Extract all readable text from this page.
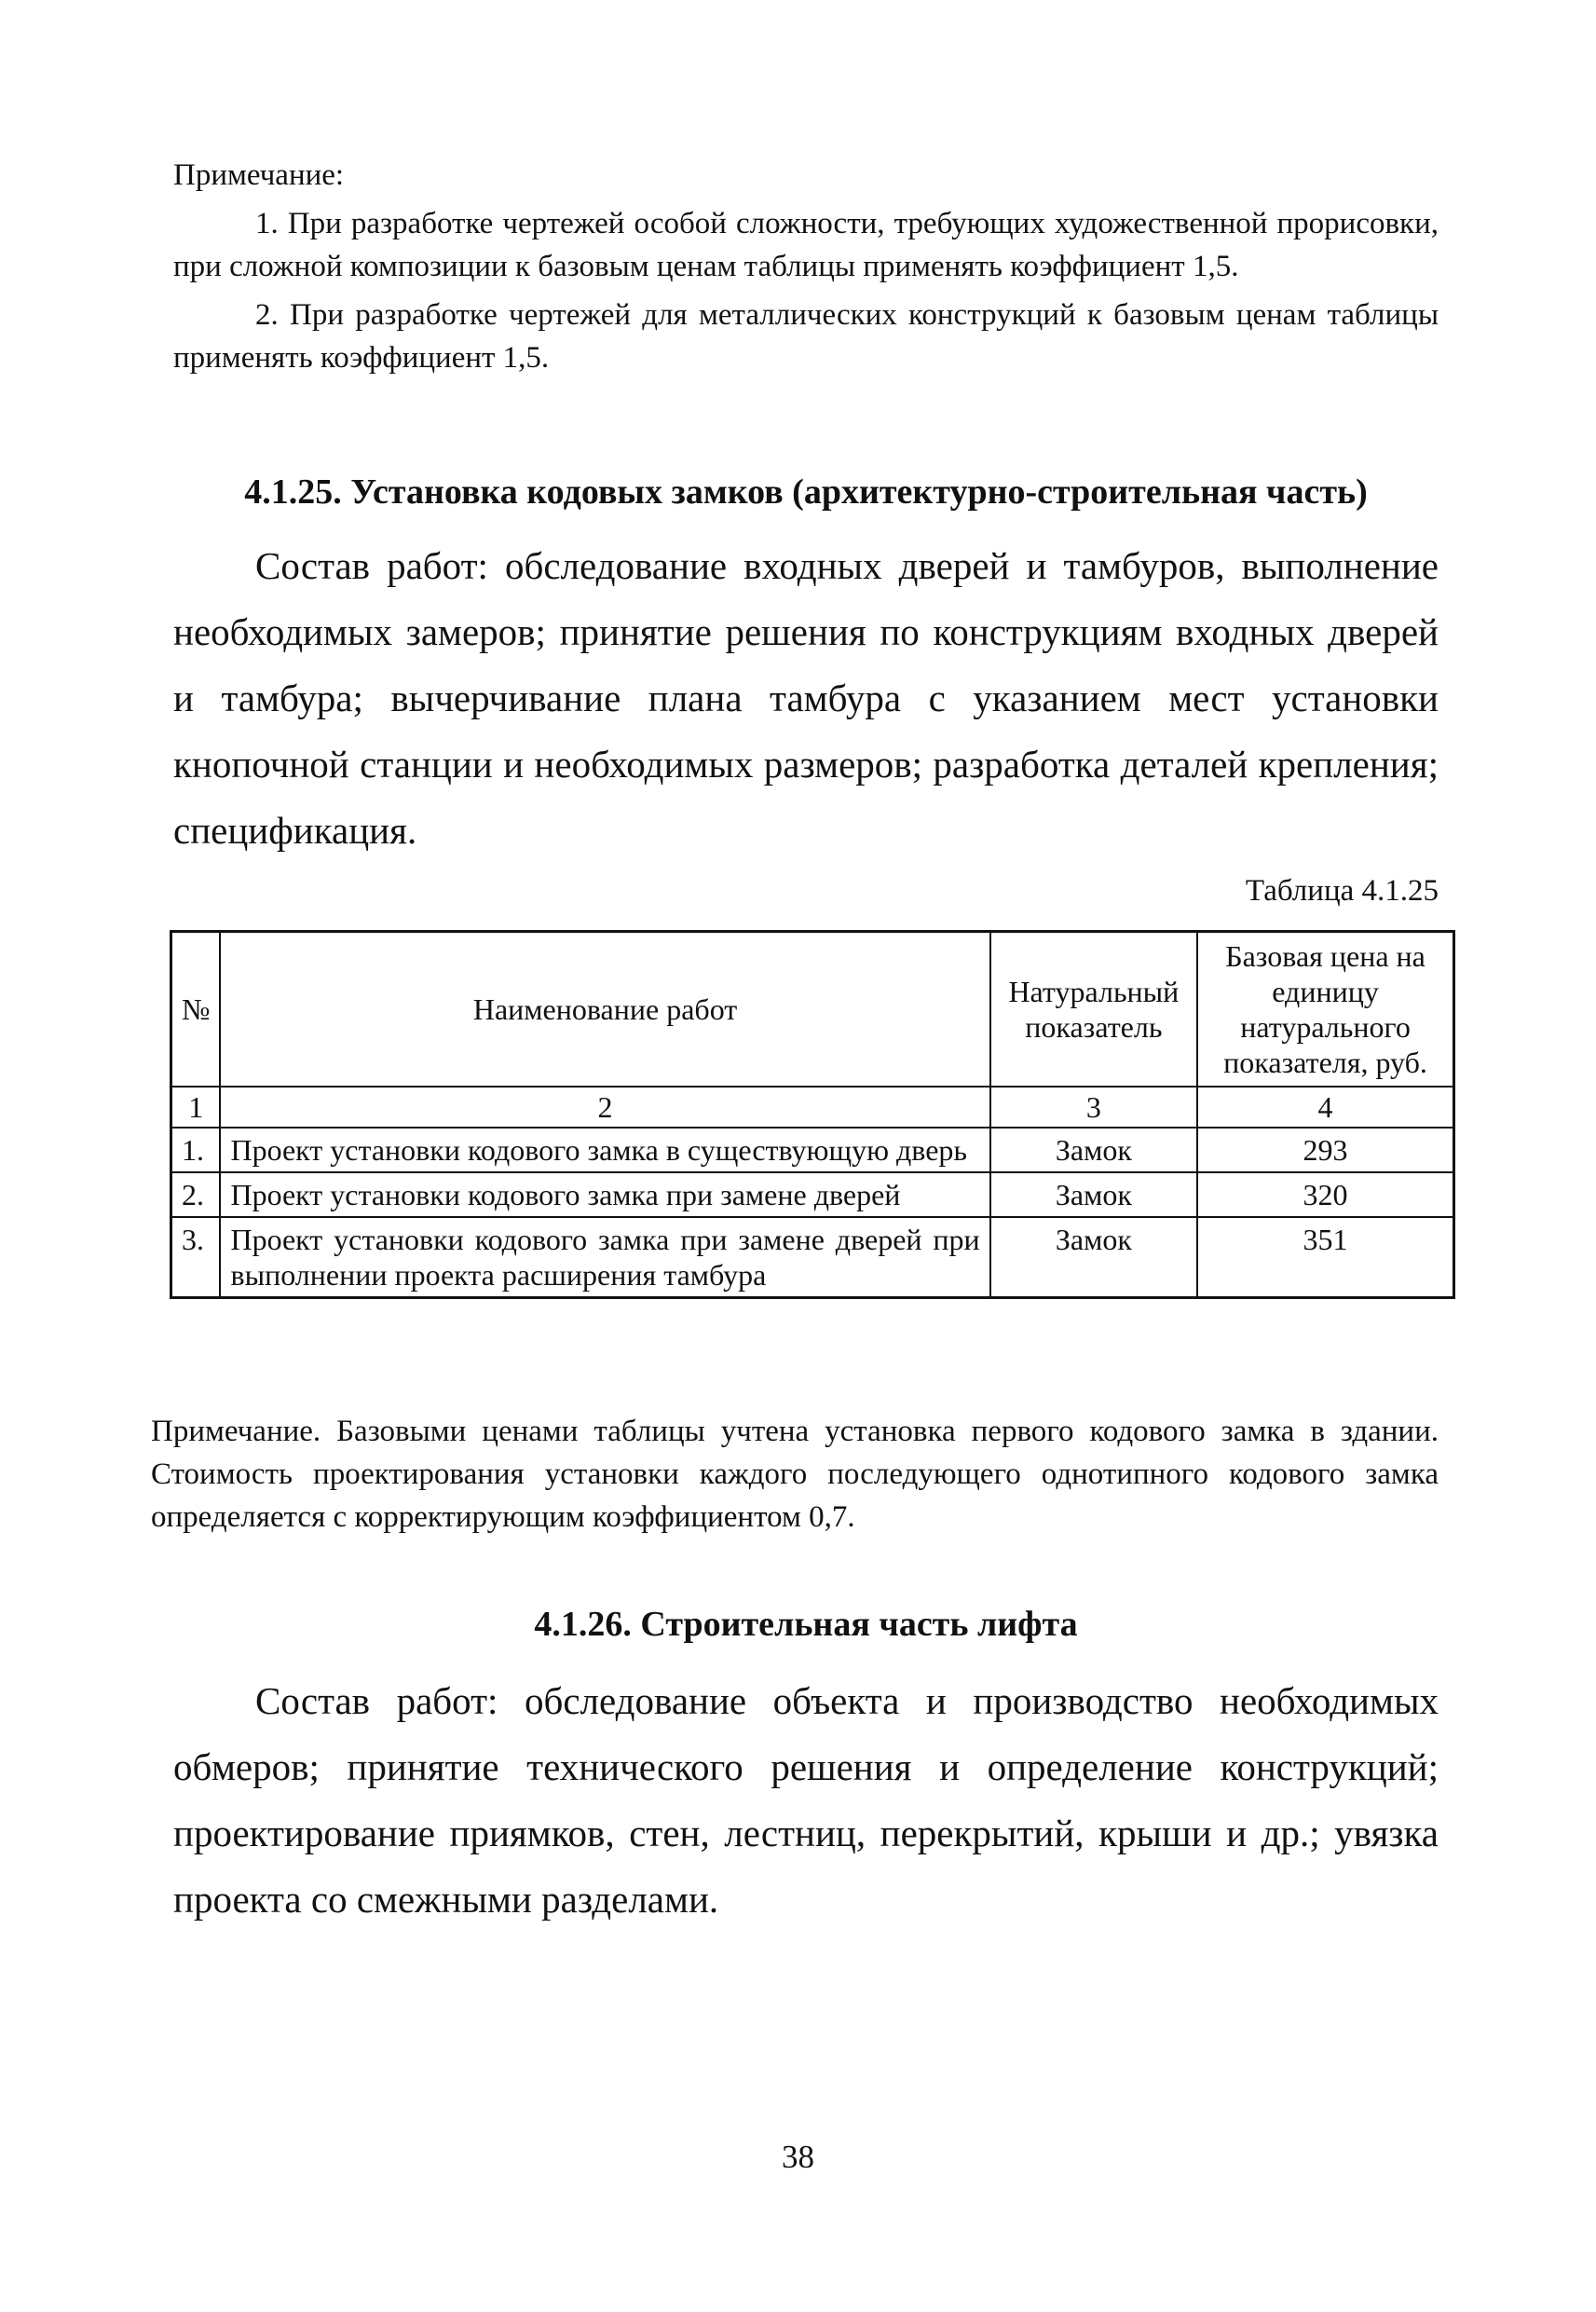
Примечание:

1. При разработке чертежей особой сложности, требующих художественной прорисовки, при сложной композиции к базовым ценам таблицы применять коэффициент 1,5.

2. При разработке чертежей для металлических конструкций к базовым ценам таблицы применять коэффициент 1,5.

4.1.25. Установка кодовых замков (архитектурно-строительная часть)

Состав работ: обследование входных дверей и тамбуров, выполнение необходимых замеров; принятие решения по конструкциям входных дверей и тамбура; вычерчивание плана тамбура с указанием мест установки кнопочной станции и необходимых размеров; разработка деталей крепления; спецификация.

Таблица 4.1.25
№	Наименование работ	Натуральный показатель	Базовая цена на единицу натурального показателя, руб.
1	2	3	4
1.	Проект установки кодового замка в существующую дверь	Замок	293
2.	Проект установки кодового замка при замене дверей	Замок	320
3.	Проект установки кодового замка при замене дверей при выполнении проекта расширения тамбура	Замок	351

Примечание. Базовыми ценами таблицы учтена установка первого кодового замка в здании. Стоимость проектирования установки каждого последующего однотипного кодового замка определяется с корректирующим коэффициентом 0,7.

4.1.26. Строительная часть лифта

Состав работ: обследование объекта и производство необходимых обмеров; принятие технического решения и определение конструкций; проектирование приямков, стен, лестниц, перекрытий, крыши и др.; увязка проекта со смежными разделами.

38
